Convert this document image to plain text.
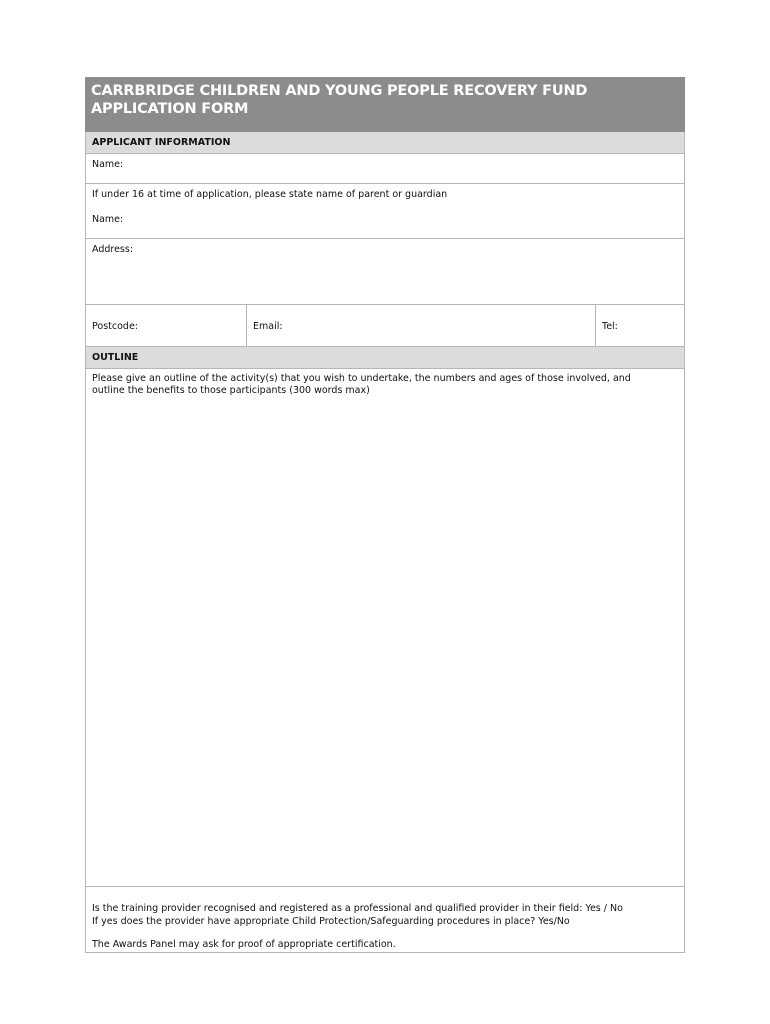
CARRBRIDGE CHILDREN AND YOUNG PEOPLE RECOVERY FUND
APPLICATION FORM
APPLICANT INFORMATION
Name:
If under 16 at time of application, please state name of parent or guardian
Name:
Address:
Postcode:	Email:	Tel:
OUTLINE

Please give an outline of the activity(s) that you wish to undertake, the numbers and ages of those involved, and outline the benefits to those participants (300 words max)

Is the training provider recognised and registered as a professional and qualified provider in their field: Yes / No
If yes does the provider have appropriate Child Protection/Safeguarding procedures in place? Yes/No
The Awards Panel may ask for proof of appropriate certification.
